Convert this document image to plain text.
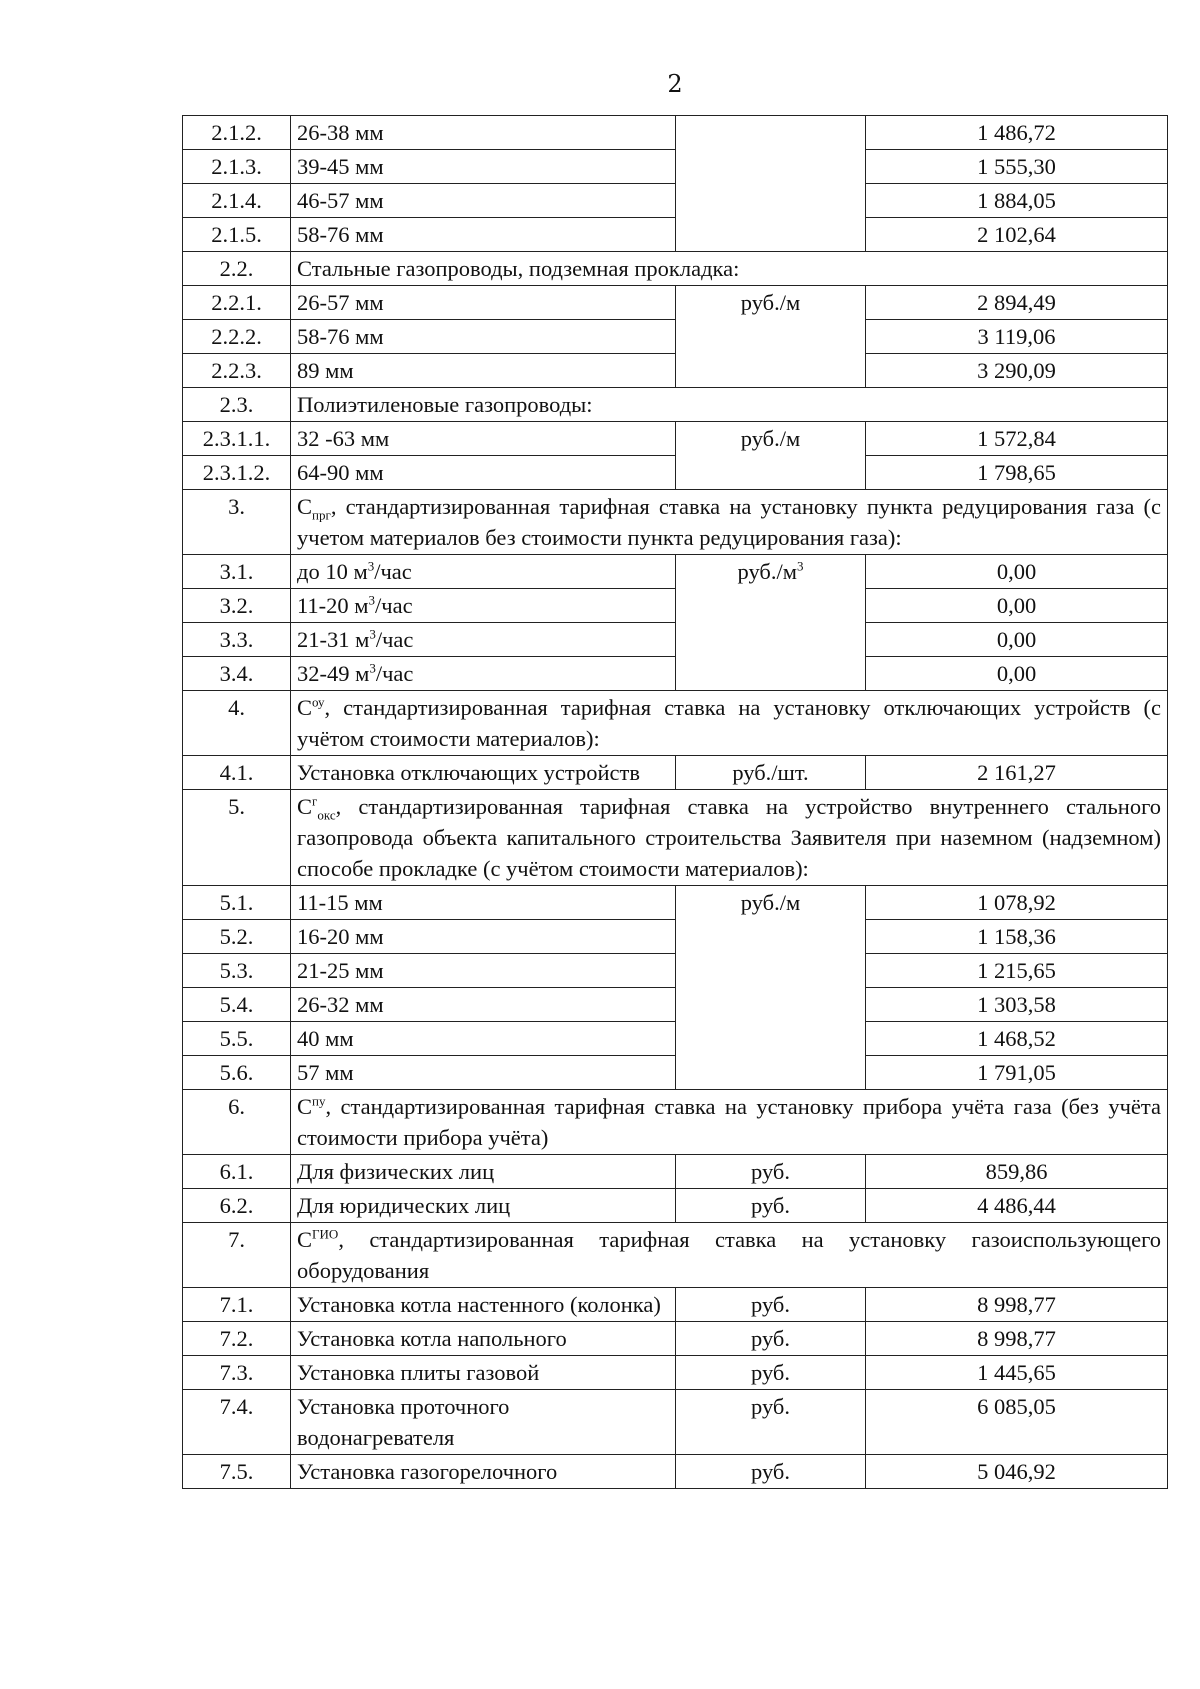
2
2.1.2.	26-38 мм		1 486,72
2.1.3.	39-45 мм		1 555,30
2.1.4.	46-57 мм		1 884,05
2.1.5.	58-76 мм		2 102,64
2.2.	Стальные газопроводы, подземная прокладка:		
2.2.1.	26-57 мм	руб./м	2 894,49
2.2.2.	58-76 мм		3 119,06
2.2.3.	89 мм		3 290,09
2.3.	Полиэтиленовые газопроводы:		
2.3.1.1.	32 -63 мм	руб./м	1 572,84
2.3.1.2.	64-90 мм		1 798,65
3.	$С_{прг}$, стандартизированная тарифная ставка на установку пункта редуцирования газа (с учетом материалов без стоимости пункта редуцирования газа):		
3.1.	до 10 $м^3$/час	$руб./м^3$	0,00
3.2.	11-20 $м^3$/час		0,00
3.3.	21-31 $м^3$/час		0,00
3.4.	32-49 $м^3$/час		0,00
4.	$С^{оу}$, стандартизированная тарифная ставка на установку отключающих устройств (с учётом стоимости материалов):		
4.1.	Установка отключающих устройств	руб./шт.	2 161,27
5.	$С^г_{окс}$, стандартизированная тарифная ставка на устройство внутреннего стального газопровода объекта капитального строительства Заявителя при наземном (надземном) способе прокладке (с учётом стоимости материалов):		
5.1.	11-15 мм	руб./м	1 078,92
5.2.	16-20 мм		1 158,36
5.3.	21-25 мм		1 215,65
5.4.	26-32 мм		1 303,58
5.5.	40 мм		1 468,52
5.6.	57 мм		1 791,05
6.	$С^{пу}$, стандартизированная тарифная ставка на установку прибора учёта газа (без учёта стоимости прибора учёта)		
6.1.	Для физических лиц	руб.	859,86
6.2.	Для юридических лиц	руб.	4 486,44
7.	$С^{ГИО}$, стандартизированная тарифная ставка на установку газоиспользующего оборудования		
7.1.	Установка котла настенного (колонка)	руб.	8 998,77
7.2.	Установка котла напольного	руб.	8 998,77
7.3.	Установка плиты газовой	руб.	1 445,65
7.4.	Установка проточного водонагревателя	руб.	6 085,05
7.5.	Установка газогорелочного	руб.	5 046,92
